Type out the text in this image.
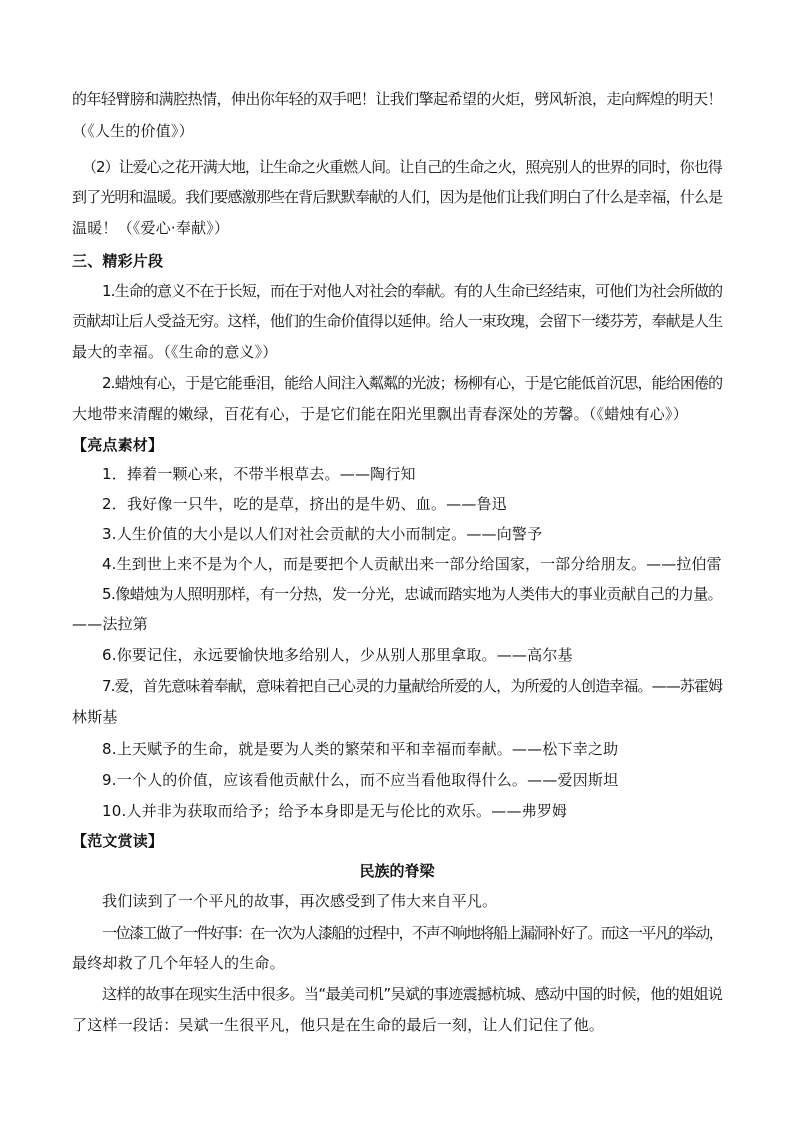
的年轻臂膀和满腔热情，伸出你年轻的双手吧！让我们擎起希望的火炬，劈风斩浪，走向辉煌的明天！
（《人生的价值》）
（2）让爱心之花开满大地，让生命之火重燃人间。让自己的生命之火，照亮别人的世界的同时，你也得
到了光明和温暖。我们要感激那些在背后默默奉献的人们，因为是他们让我们明白了什么是幸福，什么是
温暖！（《爱心·奉献》）
三、精彩片段
1.生命的意义不在于长短，而在于对他人对社会的奉献。有的人生命已经结束，可他们为社会所做的
贡献却让后人受益无穷。这样，他们的生命价值得以延伸。给人一束玫瑰，会留下一缕芬芳，奉献是人生
最大的幸福。（《生命的意义》）
2.蜡烛有心，于是它能垂泪，能给人间注入粼粼的光波；杨柳有心，于是它能低首沉思，能给困倦的
大地带来清醒的嫩绿，百花有心，于是它们能在阳光里飘出青春深处的芳馨。（《蜡烛有心》）
【亮点素材】
1．捧着一颗心来，不带半根草去。——陶行知
2．我好像一只牛，吃的是草，挤出的是牛奶、血。——鲁迅
3.人生价值的大小是以人们对社会贡献的大小而制定。——向警予
4.生到世上来不是为个人，而是要把个人贡献出来一部分给国家，一部分给朋友。——拉伯雷
5.像蜡烛为人照明那样，有一分热，发一分光，忠诚而踏实地为人类伟大的事业贡献自己的力量。
——法拉第
6.你要记住，永远要愉快地多给别人，少从别人那里拿取。——高尔基
7.爱，首先意味着奉献，意味着把自己心灵的力量献给所爱的人，为所爱的人创造幸福。——苏霍姆
林斯基
8.上天赋予的生命，就是要为人类的繁荣和平和幸福而奉献。——松下幸之助
9.一个人的价值，应该看他贡献什么，而不应当看他取得什么。——爱因斯坦
10.人并非为获取而给予；给予本身即是无与伦比的欢乐。——弗罗姆
【范文赏读】
民族的脊梁
我们读到了一个平凡的故事，再次感受到了伟大来自平凡。
一位漆工做了一件好事：在一次为人漆船的过程中，不声不响地将船上漏洞补好了。而这一平凡的举动，
最终却救了几个年轻人的生命。
这样的故事在现实生活中很多。当“最美司机”吴斌的事迹震撼杭城、感动中国的时候，他的姐姐说
了这样一段话：吴斌一生很平凡，他只是在生命的最后一刻，让人们记住了他。
